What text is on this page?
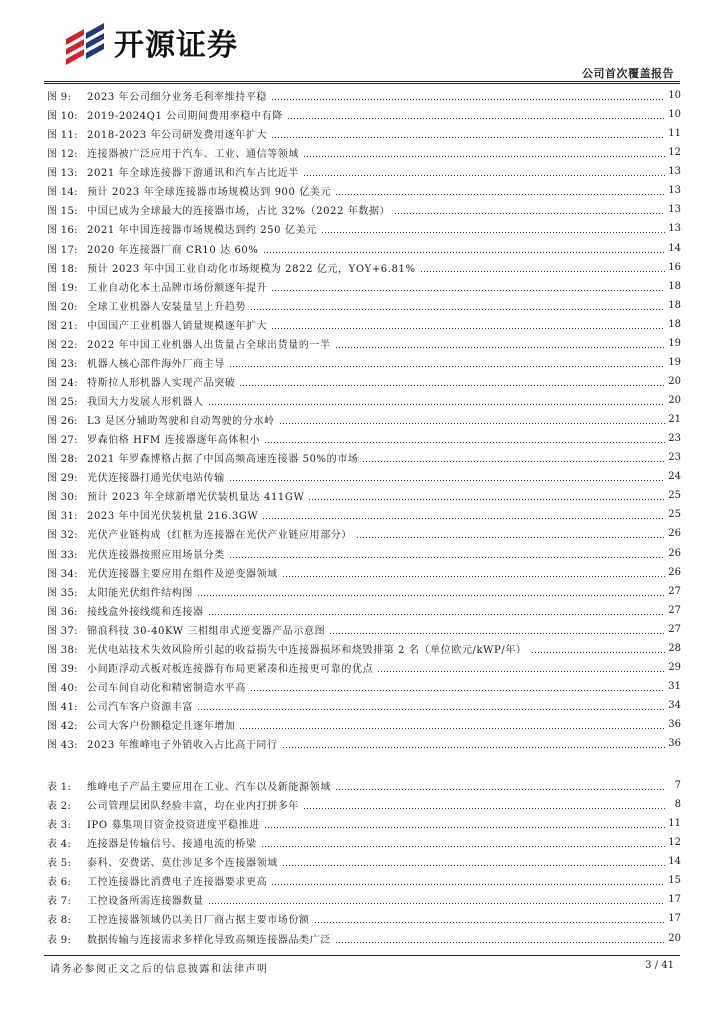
开源证券
公司首次覆盖报告
图 9:	2023 年公司细分业务毛利率维持平稳	10
图 10: 2019-2024Q1 公司期间费用率稳中有降	10
图 11: 2018-2023 年公司研发费用逐年扩大	11
图 12: 连接器被广泛应用于汽车、工业、通信等领域	12
图 13: 2021 年全球连接器下游通讯和汽车占比近半	13
图 14: 预计 2023 年全球连接器市场规模达到 900 亿美元	13
图 15: 中国已成为全球最大的连接器市场，占比 32%（2022 年数据）	13
图 16: 2021 年中国连接器市场规模达到约 250 亿美元	13
图 17: 2020 年连接器厂商 CR10 达 60%	14
图 18: 预计 2023 年中国工业自动化市场规模为 2822 亿元，YOY+6.81%	16
图 19: 工业自动化本土品牌市场份额逐年提升	18
图 20: 全球工业机器人安装量呈上升趋势	18
图 21: 中国国产工业机器人销量规模逐年扩大	18
图 22: 2022 年中国工业机器人出货量占全球出货量的一半	19
图 23: 机器人核心部件海外厂商主导	19
图 24: 特斯拉人形机器人实现产品突破	20
图 25: 我国大力发展人形机器人	20
图 26: L3 是区分辅助驾驶和自动驾驶的分水岭	21
图 27: 罗森伯格 HFM 连接器逐年高体积小	23
图 28: 2021 年罗森博格占据了中国高频高速连接器 50%的市场	23
图 29: 光伏连接器打通光伏电站传输	24
图 30: 预计 2023 年全球新增光伏装机量达 411GW	25
图 31: 2023 年中国光伏装机量 216.3GW	25
图 32: 光伏产业链构成（红框为连接器在光伏产业链应用部分）	26
图 33: 光伏连接器按照应用场景分类	26
图 34: 光伏连接器主要应用在组件及逆变器领域	26
图 35: 太阳能光伏组件结构图	27
图 36: 接线盒外接线缆和连接器	27
图 37: 锦浪科技 30-40KW 三相组串式逆变器产品示意图	27
图 38: 光伏电站技术失效风险所引起的收益损失中连接器损坏和烧毁排第 2 名（单位欧元/kWP/年）	28
图 39: 小间距浮动式板对板连接器有布局更紧凑和连接更可靠的优点	29
图 40: 公司车间自动化和精密制造水平高	31
图 41: 公司汽车客户资源丰富	34
图 42: 公司大客户份额稳定且逐年增加	36
图 43: 2023 年维峰电子外销收入占比高于同行	36
表 1:	维峰电子产品主要应用在工业、汽车以及新能源领域	7
表 2:	公司管理层团队经验丰富，均在业内打拼多年	8
表 3:	IPO 募集项目资金投资进度平稳推进	11
表 4:	连接器是传输信号、接通电流的桥梁	12
表 5:	泰科、安费诺、莫仕涉足多个连接器领域	14
表 6:	工控连接器比消费电子连接器要求更高	15
表 7:	工控设备所需连接器数量	17
表 8:	工控连接器领域仍以美日厂商占据主要市场份额	17
表 9:	数据传输与连接需求多样化导致高频连接器品类广泛	20
请务必参阅正文之后的信息披露和法律声明	3 / 41
